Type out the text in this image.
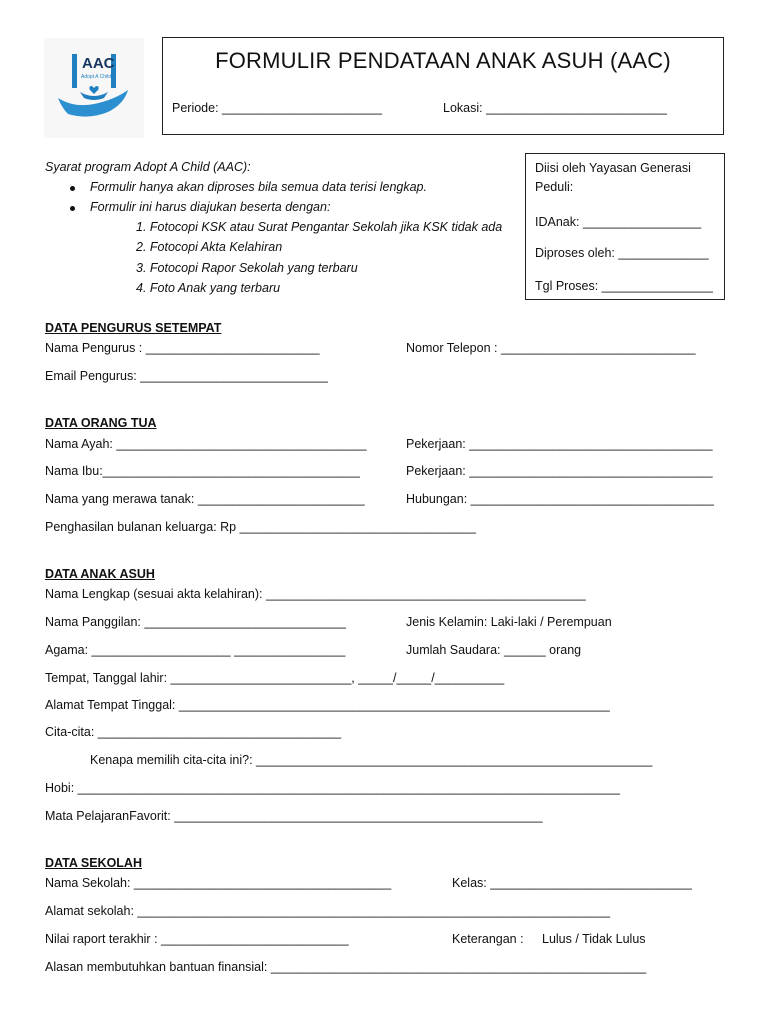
AAC
Adopt A Child
FORMULIR PENDATAAN ANAK ASUH (AAC)
Periode: _______________________	Lokasi: __________________________
Syarat program Adopt A Child (AAC):
Formulir hanya akan diproses bila semua data terisi lengkap.
Formulir ini harus diajukan beserta dengan:
1. Fotocopi KSK atau Surat Pengantar Sekolah jika KSK tidak ada
2. Fotocopi Akta Kelahiran
3. Fotocopi Rapor Sekolah yang terbaru
4. Foto Anak yang terbaru
Diisi oleh Yayasan Generasi
Peduli:
IDAnak: _________________
Diproses oleh: _____________
Tgl Proses: ________________
DATA PENGURUS SETEMPAT
Nama Pengurus : _________________________	Nomor Telepon : ____________________________
Email Pengurus: ___________________________
DATA ORANG TUA
Nama Ayah: ____________________________________	Pekerjaan: ___________________________________
Nama Ibu:_____________________________________	Pekerjaan: ___________________________________
Nama yang merawa tanak: ________________________	Hubungan: ___________________________________
Penghasilan bulanan keluarga: Rp __________________________________
DATA ANAK ASUH
Nama Lengkap (sesuai akta kelahiran): ______________________________________________
Nama Panggilan: _____________________________	Jenis Kelamin: Laki-laki / Perempuan
Agama: ____________________ ________________	Jumlah Saudara: ______ orang
Tempat, Tanggal lahir: __________________________, _____/_____/__________
Alamat Tempat Tinggal: ______________________________________________________________
Cita-cita: ___________________________________
Kenapa memilih cita-cita ini?: _________________________________________________________
Hobi: ______________________________________________________________________________
Mata PelajaranFavorit: _____________________________________________________
DATA SEKOLAH
Nama Sekolah: _____________________________________	Kelas: _____________________________
Alamat sekolah: ____________________________________________________________________
Nilai raport terakhir : ___________________________	Keterangan : Lulus / Tidak Lulus
Alasan membutuhkan bantuan finansial: ______________________________________________________
